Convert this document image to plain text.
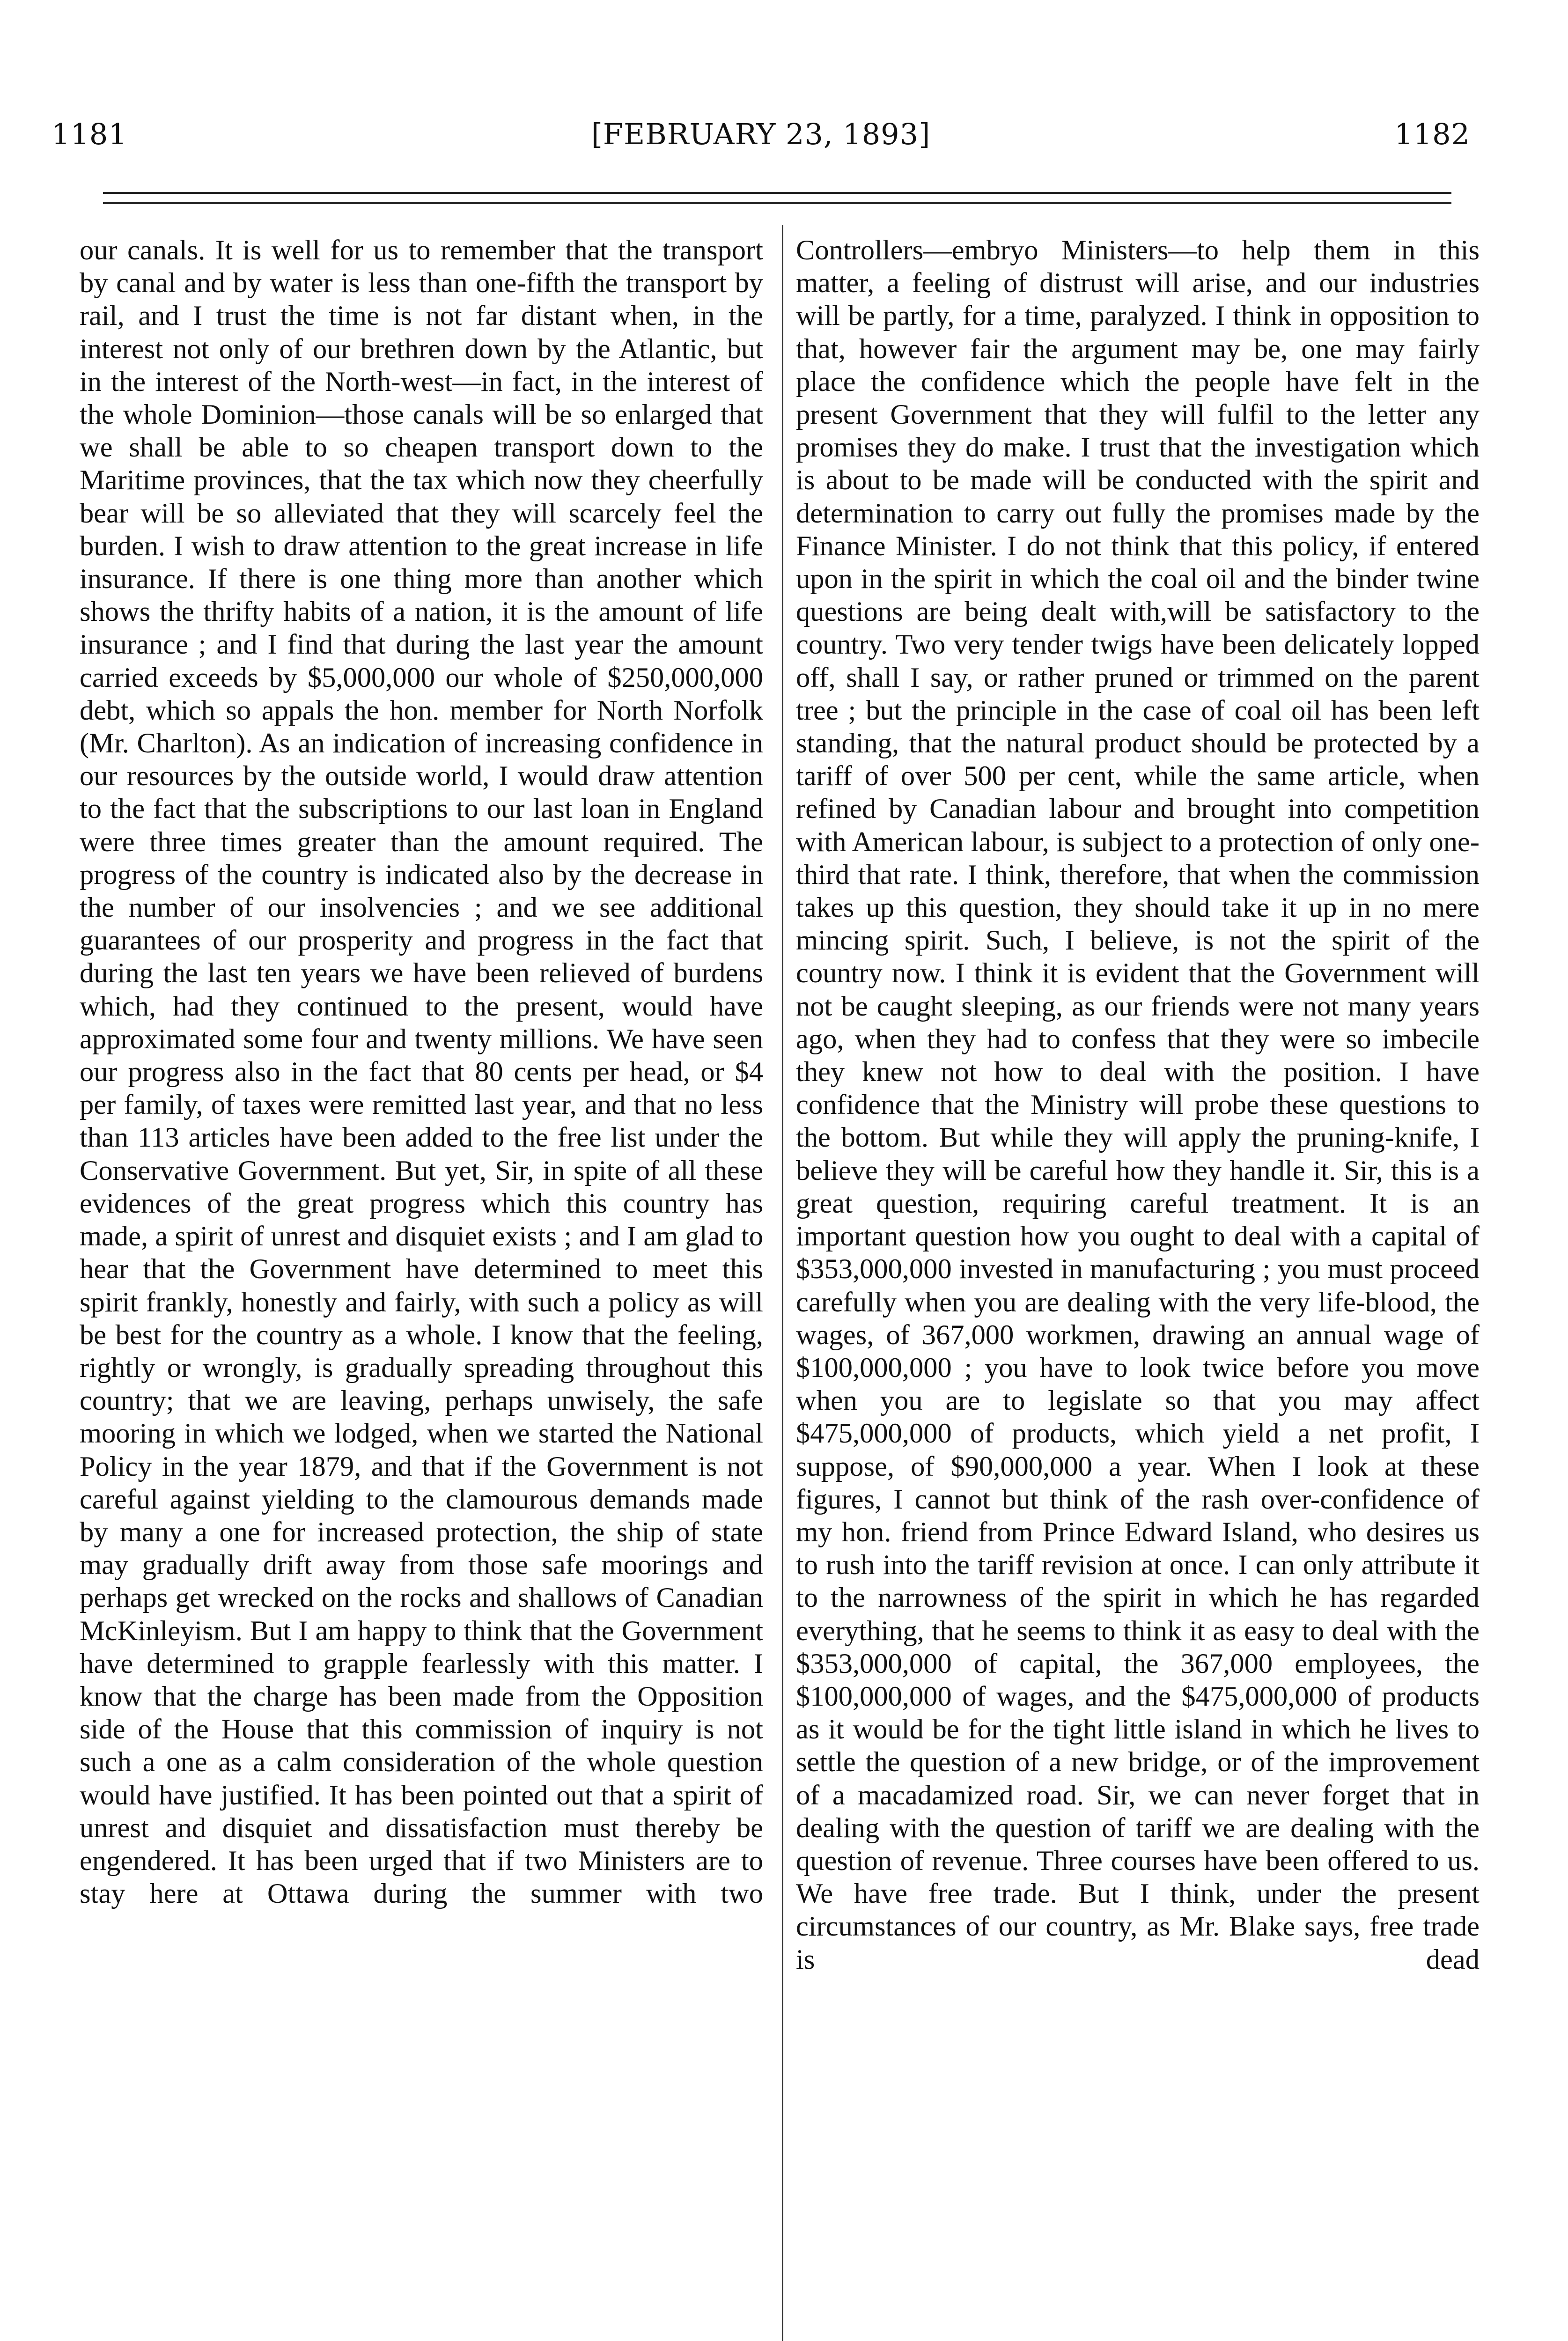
1181	[FEBRUARY 23, 1893]	1182

our canals. It is well for us to remember that the transport by canal and by water is less than one-fifth the transport by rail, and I trust the time is not far distant when, in the interest not only of our brethren down by the Atlantic, but in the interest of the North-west—in fact, in the interest of the whole Dominion—those canals will be so enlarged that we shall be able to so cheapen transport down to the Maritime provinces, that the tax which now they cheerfully bear will be so alleviated that they will scarcely feel the burden. I wish to draw attention to the great increase in life insurance. If there is one thing more than another which shows the thrifty habits of a nation, it is the amount of life insurance ; and I find that during the last year the amount carried exceeds by $5,000,000 our whole of $250,000,000 debt, which so appals the hon. member for North Norfolk (Mr. Charlton). As an indication of increasing confidence in our resources by the outside world, I would draw attention to the fact that the subscriptions to our last loan in England were three times greater than the amount required. The progress of the country is indicated also by the decrease in the number of our insolvencies ; and we see additional guarantees of our prosperity and progress in the fact that during the last ten years we have been relieved of burdens which, had they continued to the present, would have approximated some four and twenty millions. We have seen our progress also in the fact that 80 cents per head, or $4 per family, of taxes were remitted last year, and that no less than 113 articles have been added to the free list under the Conservative Government. But yet, Sir, in spite of all these evidences of the great progress which this country has made, a spirit of unrest and disquiet exists ; and I am glad to hear that the Government have determined to meet this spirit frankly, honestly and fairly, with such a policy as will be best for the country as a whole. I know that the feeling, rightly or wrongly, is gradually spreading throughout this country; that we are leaving, perhaps unwisely, the safe mooring in which we lodged, when we started the National Policy in the year 1879, and that if the Government is not careful against yielding to the clamourous demands made by many a one for increased protection, the ship of state may gradually drift away from those safe moorings and perhaps get wrecked on the rocks and shallows of Canadian McKinleyism. But I am happy to think that the Government have determined to grapple fearlessly with this matter. I know that the charge has been made from the Opposition side of the House that this commission of inquiry is not such a one as a calm consideration of the whole question would have justified. It has been pointed out that a spirit of unrest and disquiet and dissatisfaction must thereby be engendered. It has been urged that if two Ministers are to stay here at Ottawa during the summer with two

Controllers—embryo Ministers—to help them in this matter, a feeling of distrust will arise, and our industries will be partly, for a time, paralyzed. I think in opposition to that, however fair the argument may be, one may fairly place the confidence which the people have felt in the present Government that they will fulfil to the letter any promises they do make. I trust that the investigation which is about to be made will be conducted with the spirit and determination to carry out fully the promises made by the Finance Minister. I do not think that this policy, if entered upon in the spirit in which the coal oil and the binder twine questions are being dealt with,will be satisfactory to the country. Two very tender twigs have been delicately lopped off, shall I say, or rather pruned or trimmed on the parent tree ; but the principle in the case of coal oil has been left standing, that the natural product should be protected by a tariff of over 500 per cent, while the same article, when refined by Canadian labour and brought into competition with American labour, is subject to a protection of only one-third that rate. I think, therefore, that when the commission takes up this question, they should take it up in no mere mincing spirit. Such, I believe, is not the spirit of the country now. I think it is evident that the Government will not be caught sleeping, as our friends were not many years ago, when they had to confess that they were so imbecile they knew not how to deal with the position. I have confidence that the Ministry will probe these questions to the bottom. But while they will apply the pruning-knife, I believe they will be careful how they handle it. Sir, this is a great question, requiring careful treatment. It is an important question how you ought to deal with a capital of $353,000,000 invested in manufacturing ; you must proceed carefully when you are dealing with the very life-blood, the wages, of 367,000 workmen, drawing an annual wage of $100,000,000 ; you have to look twice before you move when you are to legislate so that you may affect $475,000,000 of products, which yield a net profit, I suppose, of $90,000,000 a year. When I look at these figures, I cannot but think of the rash over-confidence of my hon. friend from Prince Edward Island, who desires us to rush into the tariff revision at once. I can only attribute it to the narrowness of the spirit in which he has regarded everything, that he seems to think it as easy to deal with the $353,000,000 of capital, the 367,000 employees, the $100,000,000 of wages, and the $475,000,000 of products as it would be for the tight little island in which he lives to settle the question of a new bridge, or of the improvement of a macadamized road. Sir, we can never forget that in dealing with the question of tariff we are dealing with the question of revenue. Three courses have been offered to us. We have free trade. But I think, under the present circumstances of our country, as Mr. Blake says, free trade is dead
